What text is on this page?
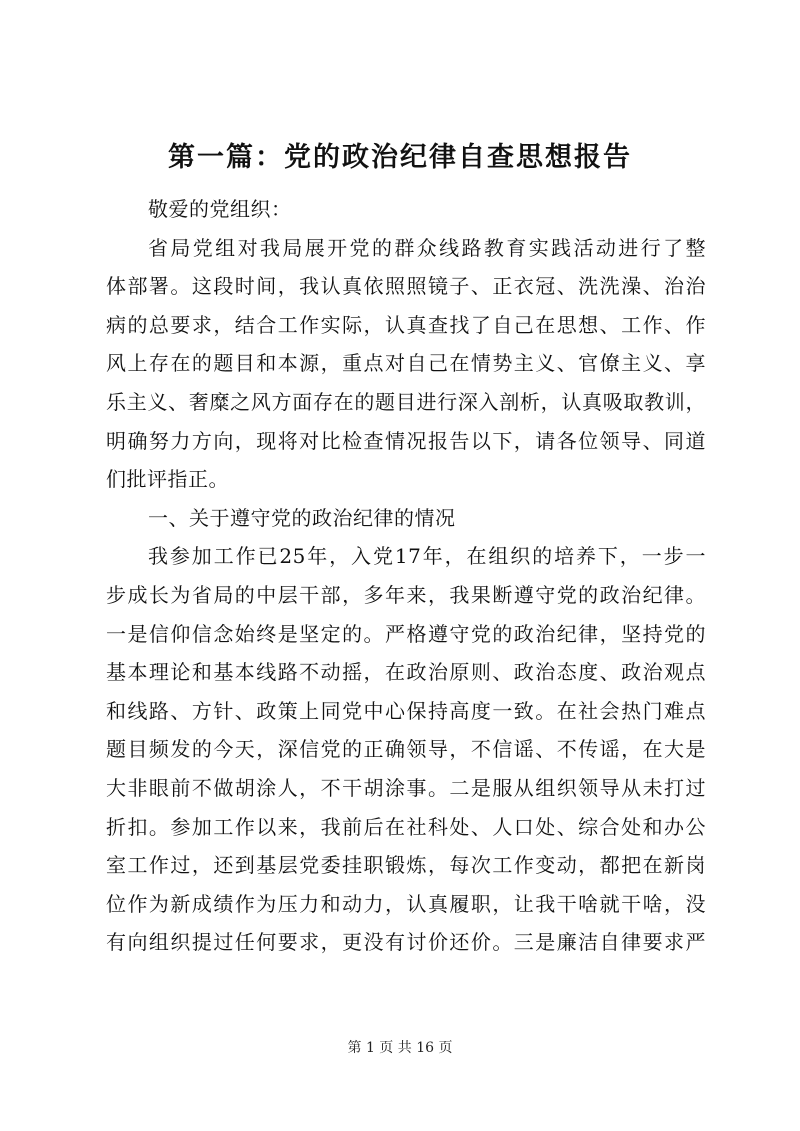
第一篇：党的政治纪律自查思想报告
敬爱的党组织：
省局党组对我局展开党的群众线路教育实践活动进行了整
体部署。这段时间，我认真依照照镜子、正衣冠、洗洗澡、治治
病的总要求，结合工作实际，认真查找了自己在思想、工作、作
风上存在的题目和本源，重点对自己在情势主义、官僚主义、享
乐主义、奢糜之风方面存在的题目进行深入剖析，认真吸取教训，
明确努力方向，现将对比检查情况报告以下，请各位领导、同道
们批评指正。
一、关于遵守党的政治纪律的情况
我参加工作已25年，入党17年，在组织的培养下，一步一
步成长为省局的中层干部，多年来，我果断遵守党的政治纪律。
一是信仰信念始终是坚定的。严格遵守党的政治纪律，坚持党的
基本理论和基本线路不动摇，在政治原则、政治态度、政治观点
和线路、方针、政策上同党中心保持高度一致。在社会热门难点
题目频发的今天，深信党的正确领导，不信谣、不传谣，在大是
大非眼前不做胡涂人，不干胡涂事。二是服从组织领导从未打过
折扣。参加工作以来，我前后在社科处、人口处、综合处和办公
室工作过，还到基层党委挂职锻炼，每次工作变动，都把在新岗
位作为新成绩作为压力和动力，认真履职，让我干啥就干啥，没
有向组织提过任何要求，更没有讨价还价。三是廉洁自律要求严
第 1 页 共 16 页
